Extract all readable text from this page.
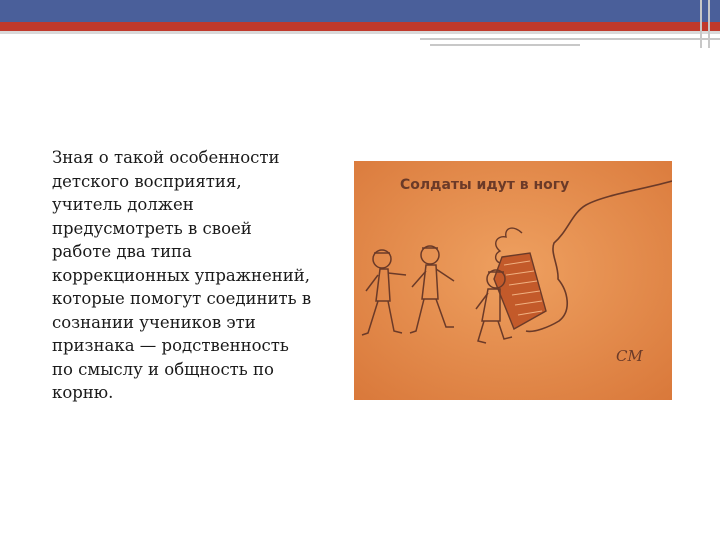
Зная о такой особенности детского восприятия, учитель должен предусмотреть в своей работе два типа коррекционных упражнений, которые помогут соединить в сознании учеников эти признака — родственность по смыслу и общность по корню.
Солдаты идут в ногу
СМ
